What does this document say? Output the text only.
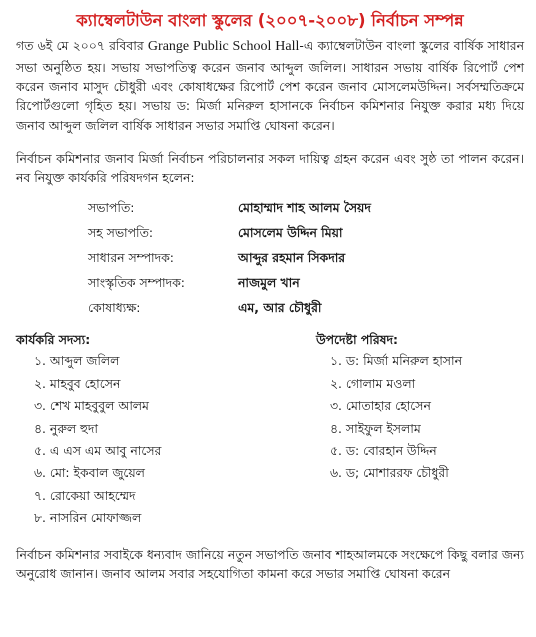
ক্যাম্বেলটাউন বাংলা স্কুলের (২০০৭-২০০৮) নির্বাচন সম্পন্ন

গত ৬ই মে ২০০৭ রবিবার Grange Public School Hall-এ ক্যাম্বেলটাউন বাংলা স্কুলের বার্ষিক সাধারন সভা অনুষ্ঠিত হয়। সভায় সভাপতিত্ব করেন জনাব আব্দুল জলিল। সাধারন সভায় বার্ষিক রিপোর্ট পেশ করেন জনাব মাসুদ চৌধুরী এবং কোষাধক্ষের রিপোর্ট পেশ করেন জনাব মোসলেমউদ্দিন। সর্বসম্মতিক্রমে রিপোর্টগুলো গৃহিত হয়। সভায় ড: মির্জা মনিরুল হাসানকে নির্বাচন কমিশনার নিযুক্ত করার মধ্য দিয়ে জনাব আব্দুল জলিল বার্ষিক সাধারন সভার সমাপ্তি ঘোষনা করেন।

নির্বাচন কমিশনার জনাব মির্জা নির্বাচন পরিচালনার সকল দায়িত্ব গ্রহন করেন এবং সুষ্ঠ তা পালন করেন। নব নিযুক্ত কার্যকরি পরিষদগন হলেন:

সভাপতি:	মোহাম্মাদ শাহ আলম সৈয়দ
সহ সভাপতি:	মোসলেম উদ্দিন মিয়া
সাধারন সম্পাদক:	আব্দুর রহমান সিকদার
সাংস্কৃতিক সম্পাদক:	নাজমুল খান
কোষাধ্যক্ষ:	এম, আর চৌধুরী
কার্যকরি সদস্য:
১. আব্দুল জলিল
২. মাহবুব হোসেন
৩. শেখ মাহবুবুল আলম
৪. নুরুল হুদা
৫. এ এস এম আবু নাসের
৬. মো: ইকবাল জুয়েল
৭. রোকেয়া আহম্মেদ
৮. নাসরিন মোফাজ্জল
উপদেষ্টা পরিষদ:
১. ড: মির্জা মনিরুল হাসান
২. গোলাম মওলা
৩. মোতাহার হোসেন
৪. সাইফুল ইসলাম
৫. ড: বোরহান উদ্দিন
৬. ড; মোশাররফ চৌধুরী

নির্বাচন কমিশনার সবাইকে ধন্যবাদ জানিয়ে নতুন সভাপতি জনাব শাহআলমকে সংক্ষেপে কিছু বলার জন্য অনুরোধ জানান। জনাব আলম সবার সহযোগিতা কামনা করে সভার সমাপ্তি ঘোষনা করেন
